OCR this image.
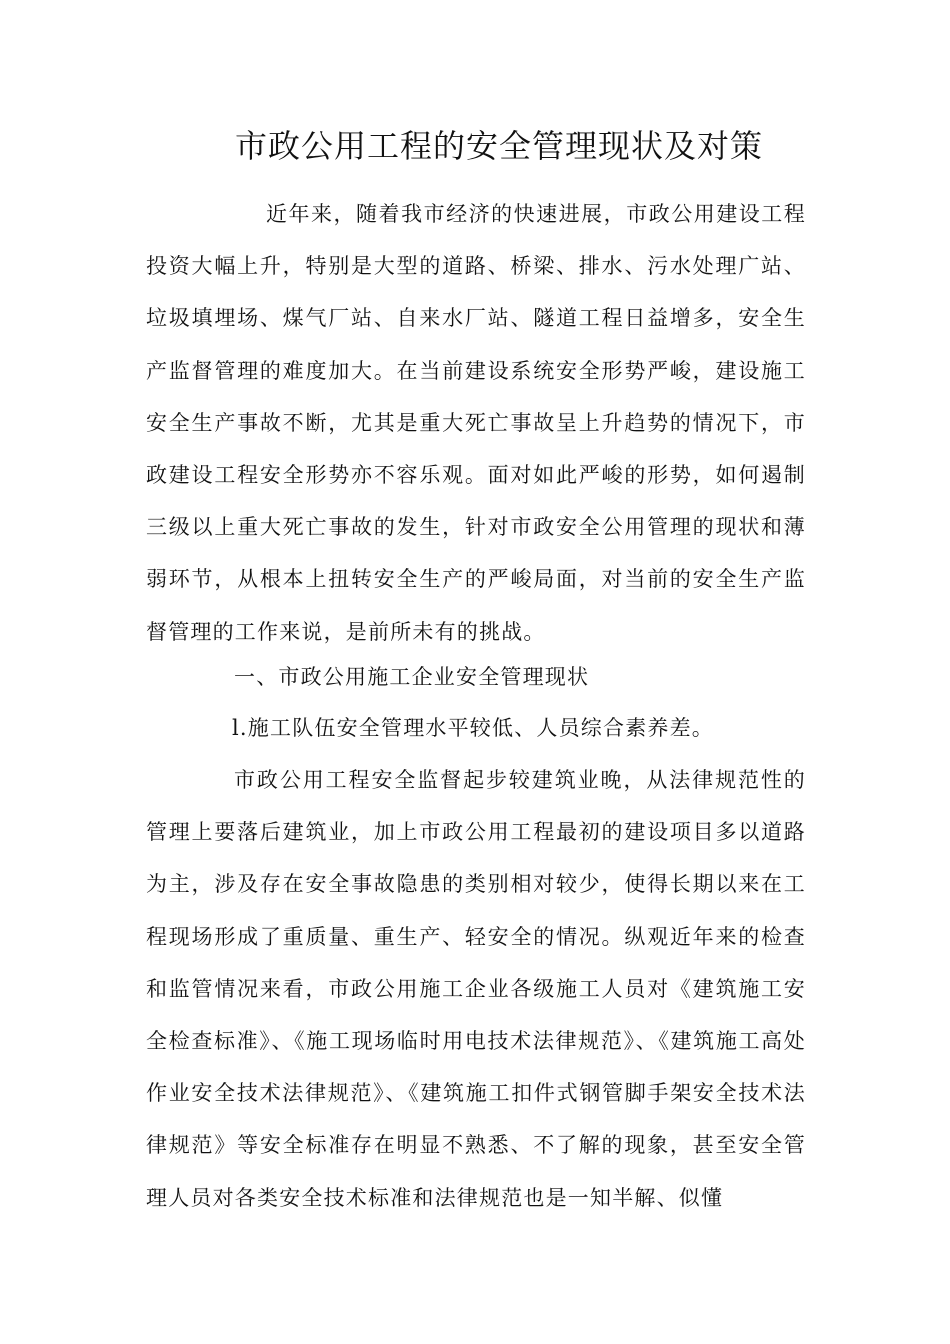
市政公用工程的安全管理现状及对策

近年来，随着我市经济的快速进展，市政公用建设工程投资大幅上升，特别是大型的道路、桥梁、排水、污水处理广站、垃圾填埋场、煤气厂站、自来水厂站、隧道工程日益增多，安全生产监督管理的难度加大。在当前建设系统安全形势严峻，建设施工安全生产事故不断，尤其是重大死亡事故呈上升趋势的情况下，市政建设工程安全形势亦不容乐观。面对如此严峻的形势，如何遏制三级以上重大死亡事故的发生，针对市政安全公用管理的现状和薄弱环节，从根本上扭转安全生产的严峻局面，对当前的安全生产监督管理的工作来说，是前所未有的挑战。

一、市政公用施工企业安全管理现状

l.施工队伍安全管理水平较低、人员综合素养差。

市政公用工程安全监督起步较建筑业晚，从法律规范性的管理上要落后建筑业，加上市政公用工程最初的建设项目多以道路为主，涉及存在安全事故隐患的类别相对较少，使得长期以来在工程现场形成了重质量、重生产、轻安全的情况。纵观近年来的检查和监管情况来看，市政公用施工企业各级施工人员对《建筑施工安全检查标准》、《施工现场临时用电技术法律规范》、《建筑施工高处作业安全技术法律规范》、《建筑施工扣件式钢管脚手架安全技术法律规范》等安全标准存在明显不熟悉、不了解的现象，甚至安全管理人员对各类安全技术标准和法律规范也是一知半解、似懂
